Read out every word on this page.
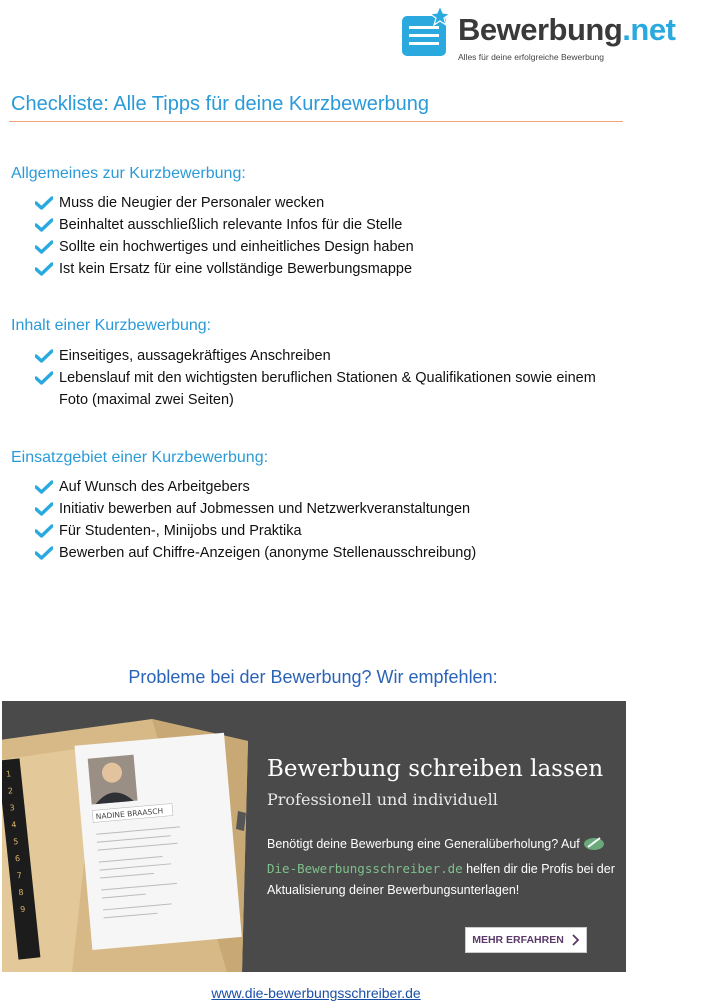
Bewerbung.net
Alles für deine erfolgreiche Bewerbung
Checkliste: Alle Tipps für deine Kurzbewerbung
Allgemeines zur Kurzbewerbung:
Muss die Neugier der Personaler wecken
Beinhaltet ausschließlich relevante Infos für die Stelle
Sollte ein hochwertiges und einheitliches Design haben
Ist kein Ersatz für eine vollständige Bewerbungsmappe
Inhalt einer Kurzbewerbung:
Einseitiges, aussagekräftiges Anschreiben
Lebenslauf mit den wichtigsten beruflichen Stationen & Qualifikationen sowie einem Foto (maximal zwei Seiten)
Einsatzgebiet einer Kurzbewerbung:
Auf Wunsch des Arbeitgebers
Initiativ bewerben auf Jobmessen und Netzwerkveranstaltungen
Für Studenten-, Minijobs und Praktika
Bewerben auf Chiffre-Anzeigen (anonyme Stellenausschreibung)
Probleme bei der Bewerbung? Wir empfehlen:
1
2
3
4
5
6
7
8
9
NADINE BRAASCH
Bewerbung schreiben lassen
Professionell und individuell
Benötigt deine Bewerbung eine Generalüberholung? AufDie-Bewerbungsschreiber.de helfen dir die Profis bei der Aktualisierung deiner Bewerbungsunterlagen!
MEHR ERFAHREN
www.die-bewerbungsschreiber.de
